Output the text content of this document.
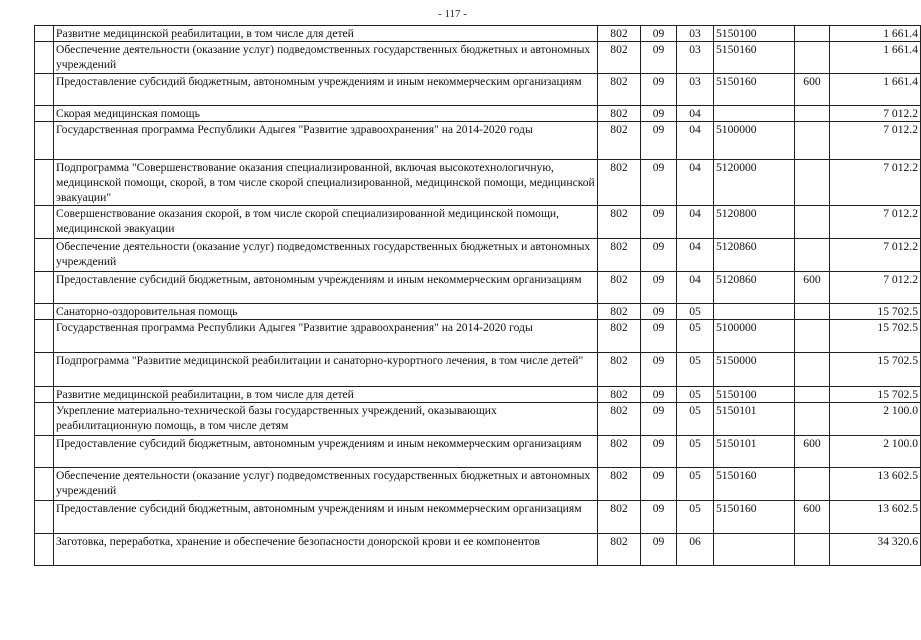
- 117 -
	Развитие медицинской реабилитации, в том числе для детей	802	09	03	5150100		1 661.4
	Обеспечение деятельности (оказание услуг) подведомственных государственных бюджетных и автономных учреждений	802	09	03	5150160		1 661.4
	Предоставление субсидий бюджетным, автономным учреждениям и иным некоммерческим организациям	802	09	03	5150160	600	1 661.4
	Скорая медицинская помощь	802	09	04			7 012.2
	Государственная программа Республики Адыгея "Развитие здравоохранения" на 2014-2020 годы	802	09	04	5100000		7 012.2
	Подпрограмма "Совершенствование оказания специализированной, включая высокотехнологичную, медицинской помощи, скорой, в том числе скорой специализированной, медицинской помощи, медицинской эвакуации"	802	09	04	5120000		7 012.2
	Совершенствование оказания скорой, в том числе скорой специализированной медицинской помощи, медицинской эвакуации	802	09	04	5120800		7 012.2
	Обеспечение деятельности (оказание услуг) подведомственных государственных бюджетных и автономных учреждений	802	09	04	5120860		7 012.2
	Предоставление субсидий бюджетным, автономным учреждениям и иным некоммерческим организациям	802	09	04	5120860	600	7 012.2
	Санаторно-оздоровительная помощь	802	09	05			15 702.5
	Государственная программа Республики Адыгея "Развитие здравоохранения" на 2014-2020 годы	802	09	05	5100000		15 702.5
	Подпрограмма "Развитие медицинской реабилитации и санаторно-курортного лечения, в том числе детей"	802	09	05	5150000		15 702.5
	Развитие медицинской реабилитации, в том числе для детей	802	09	05	5150100		15 702.5
	Укрепление материально-технической базы государственных учреждений, оказывающих реабилитационную помощь, в том числе детям	802	09	05	5150101		2 100.0
	Предоставление субсидий бюджетным, автономным учреждениям и иным некоммерческим организациям	802	09	05	5150101	600	2 100.0
	Обеспечение деятельности (оказание услуг) подведомственных государственных бюджетных и автономных учреждений	802	09	05	5150160		13 602.5
	Предоставление субсидий бюджетным, автономным учреждениям и иным некоммерческим организациям	802	09	05	5150160	600	13 602.5
	Заготовка, переработка, хранение и обеспечение безопасности донорской крови и ее компонентов	802	09	06			34 320.6
